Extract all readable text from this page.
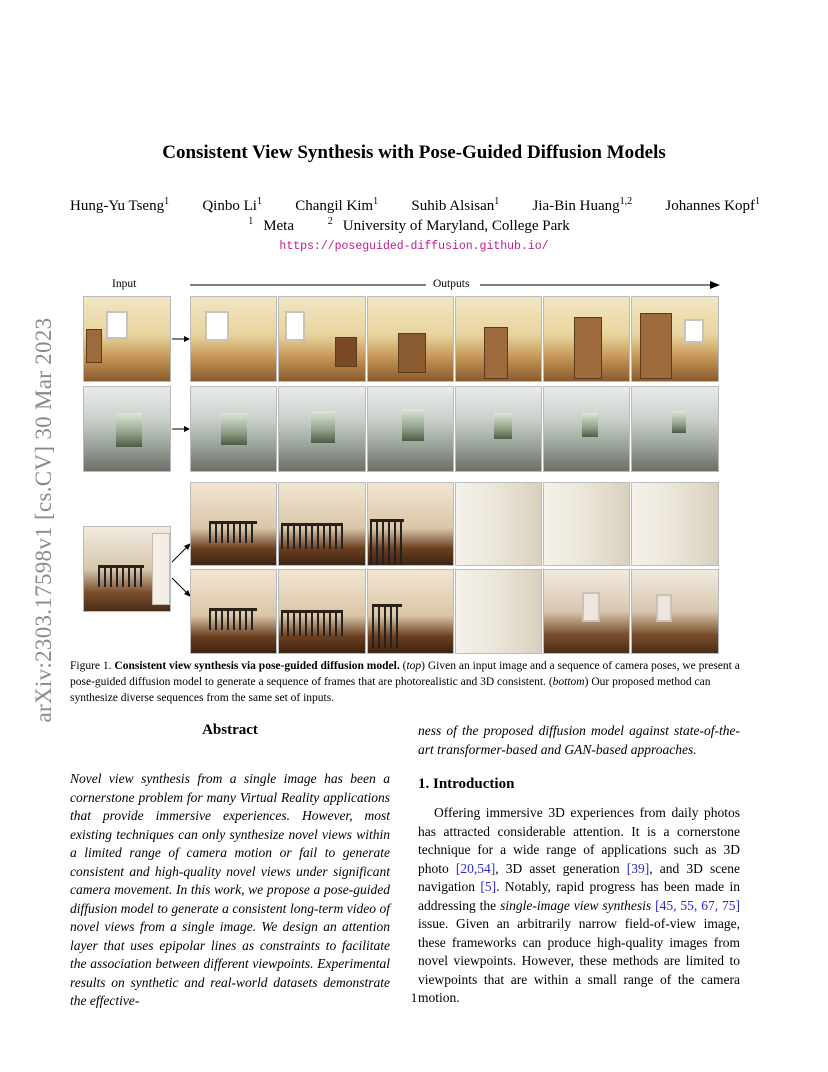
arXiv:2303.17598v1 [cs.CV] 30 Mar 2023
Consistent View Synthesis with Pose-Guided Diffusion Models
Hung-Yu Tseng$^1$ Qinbo Li$^1$ Changil Kim$^1$ Suhib Alsisan$^1$ Jia-Bin Huang$^{1,2}$ Johannes Kopf$^1$
$^1$ Meta	$^2$ University of Maryland, College Park
https://poseguided-diffusion.github.io/
Input	Outputs
Figure 1. Consistent view synthesis via pose-guided diffusion model. (top) Given an input image and a sequence of camera poses, we present a pose-guided diffusion model to generate a sequence of frames that are photorealistic and 3D consistent. (bottom) Our proposed method can synthesize diverse sequences from the same set of inputs.
Abstract
Novel view synthesis from a single image has been a cornerstone problem for many Virtual Reality applications that provide immersive experiences. However, most existing techniques can only synthesize novel views within a limited range of camera motion or fail to generate consistent and high-quality novel views under significant camera movement. In this work, we propose a pose-guided diffusion model to generate a consistent long-term video of novel views from a single image. We design an attention layer that uses epipolar lines as constraints to facilitate the association between different viewpoints. Experimental results on synthetic and real-world datasets demonstrate the effective-
ness of the proposed diffusion model against state-of-the-art transformer-based and GAN-based approaches.
1. Introduction
Offering immersive 3D experiences from daily photos has attracted considerable attention. It is a cornerstone technique for a wide range of applications such as 3D photo [20,54], 3D asset generation [39], and 3D scene navigation [5]. Notably, rapid progress has been made in addressing the single-image view synthesis [45, 55, 67, 75] issue. Given an arbitrarily narrow field-of-view image, these frameworks can produce high-quality images from novel viewpoints. However, these methods are limited to viewpoints that are within a small range of the camera motion.
1
